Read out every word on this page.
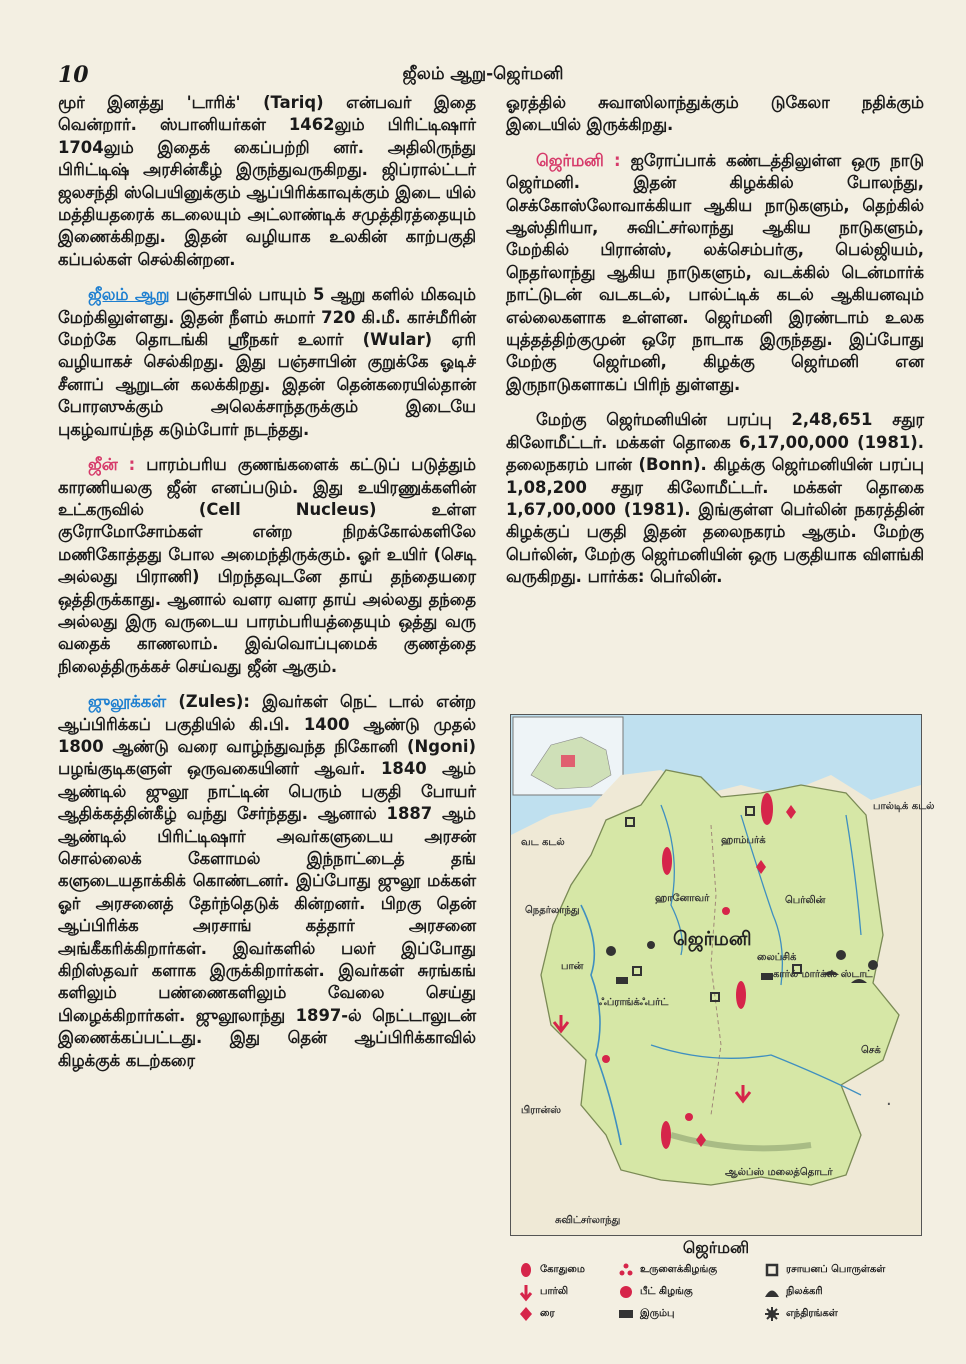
10	ஜீலம் ஆறு-ஜெர்மனி

மூர் இனத்து 'டாரிக்' (Tariq) என்பவர் இதை வென்றார். ஸ்பானியர்கள் 1462லும் பிரிட்டிஷார் 1704லும் இதைக் கைப்பற்றி னர். அதிலிருந்து பிரிட்டிஷ் அரசின்கீழ் இருந்துவருகிறது. ஜிப்ரால்ட்டர் ஜலசந்தி ஸ்பெயினுக்கும் ஆப்பிரிக்காவுக்கும் இடை யில் மத்தியதரைக் கடலையும் அட்லாண்டிக் சமுத்திரத்தையும் இணைக்கிறது. இதன் வழியாக உலகின் காற்பகுதி கப்பல்கள் செல்கின்றன.

ஜீலம் ஆறு பஞ்சாபில் பாயும் 5 ஆறு களில் மிகவும் மேற்கிலுள்ளது. இதன் நீளம் சுமார் 720 கி.மீ. காச்மீரின் மேற்கே தொடங்கி ஸ்ரீநகர் உலார் (Wular) ஏரி வழியாகச் செல்கிறது. இது பஞ்சாபின் குறுக்கே ஓடிச் சீனாப் ஆறுடன் கலக்கிறது. இதன் தென்கரையில்தான் போரஸுக்கும் அலெக்சாந்தருக்கும் இடையே புகழ்வாய்ந்த கடும்போர் நடந்தது.

ஜீன் : பாரம்பரிய குணங்களைக் கட்டுப் படுத்தும் காரணியலகு ஜீன் எனப்படும். இது உயிரணுக்களின் உட்கருவில் (Cell Nucleus) உள்ள குரோமோசோம்கள் என்ற நிறக்கோல்களிலே மணிகோத்தது போல அமைந்திருக்கும். ஓர் உயிர் (செடி அல்லது பிராணி) பிறந்தவுடனே தாய் தந்தையரை ஒத்திருக்காது. ஆனால் வளர வளர தாய் அல்லது தந்தை அல்லது இரு வருடைய பாரம்பரியத்தையும் ஒத்து வரு வதைக் காணலாம். இவ்வொப்புமைக் குணத்தை நிலைத்திருக்கச் செய்வது ஜீன் ஆகும்.

ஜுலூக்கள் (Zules): இவர்கள் நெட் டால் என்ற ஆப்பிரிக்கப் பகுதியில் கி.பி. 1400 ஆண்டு முதல் 1800 ஆண்டு வரை வாழ்ந்துவந்த நிகோனி (Ngoni) பழங்குடிகளுள் ஒருவகையினர் ஆவர். 1840 ஆம் ஆண்டில் ஜுலூ நாட்டின் பெரும் பகுதி போயர் ஆதிக்கத்தின்கீழ் வந்து சேர்ந்தது. ஆனால் 1887 ஆம் ஆண்டில் பிரிட்டிஷார் அவர்களுடைய அரசன் சொல்லைக் கேளாமல் இந்நாட்டைத் தங் களுடையதாக்கிக் கொண்டனர். இப்போது ஜுலூ மக்கள் ஓர் அரசனைத் தேர்ந்தெடுக் கின்றனர். பிறகு தென் ஆப்பிரிக்க அரசாங் கத்தார் அரசனை அங்கீகரிக்கிறார்கள். இவர்களில் பலர் இப்போது கிறிஸ்தவர் களாக இருக்கிறார்கள். இவர்கள் சுரங்கங் களிலும் பண்ணைகளிலும் வேலை செய்து பிழைக்கிறார்கள். ஜுலூலாந்து 1897-ல் நெட்டாலுடன் இணைக்கப்பட்டது. இது தென் ஆப்பிரிக்காவில் கிழக்குக் கடற்கரை

ஓரத்தில் சுவாஸிலாந்துக்கும் டுகேலா நதிக்கும் இடையில் இருக்கிறது.

ஜெர்மனி : ஐரோப்பாக் கண்டத்திலுள்ள ஒரு நாடு ஜெர்மனி. இதன் கிழக்கில் போலந்து, செக்கோஸ்லோவாக்கியா ஆகிய நாடுகளும், தெற்கில் ஆஸ்திரியா, சுவிட்சர்லாந்து ஆகிய நாடுகளும், மேற்கில் பிரான்ஸ், லக்செம்பர்கு, பெல்ஜியம், நெதர்லாந்து ஆகிய நாடுகளும், வடக்கில் டென்மார்க் நாட்டுடன் வடகடல், பால்ட்டிக் கடல் ஆகியனவும் எல்லைகளாக உள்ளன. ஜெர்மனி இரண்டாம் உலக யுத்தத்திற்குமுன் ஒரே நாடாக இருந்தது. இப்போது மேற்கு ஜெர்மனி, கிழக்கு ஜெர்மனி என இருநாடுகளாகப் பிரிந் துள்ளது.

மேற்கு ஜெர்மனியின் பரப்பு 2,48,651 சதுர கிலோமீட்டர். மக்கள் தொகை 6,17,00,000 (1981). தலைநகரம் பான் (Bonn). கிழக்கு ஜெர்மனியின் பரப்பு 1,08,200 சதுர கிலோமீட்டர். மக்கள் தொகை 1,67,00,000 (1981). இங்குள்ள பெர்லின் நகரத்தின் கிழக்குப் பகுதி இதன் தலைநகரம் ஆகும். மேற்கு பெர்லின், மேற்கு ஜெர்மனியின் ஒரு பகுதியாக விளங்கி வருகிறது. பார்க்க: பெர்லின்.

·
வட கடல்
பால்டிக் கடல்
ஹாம்பர்க்
ஹானோவர்	பெர்லின்
நெதர்லாந்து
பான்
லைப்சிக்
கார்ல் மார்க்ஸ் ஸ்டாட்
ஃப்ராங்க்ஃபர்ட்
செக்
பிரான்ஸ்
ஆல்ப்ஸ் மலைத்தொடர்
சுவிட்சர்லாந்து
ஜெர்மனி
ஜெர்மனி
கோதுமை
பார்லி
ரை
உருளைக்கிழங்கு
பீட் கிழங்கு
இரும்பு
ரசாயனப் பொருள்கள்
நிலக்கரி
எந்திரங்கள்
